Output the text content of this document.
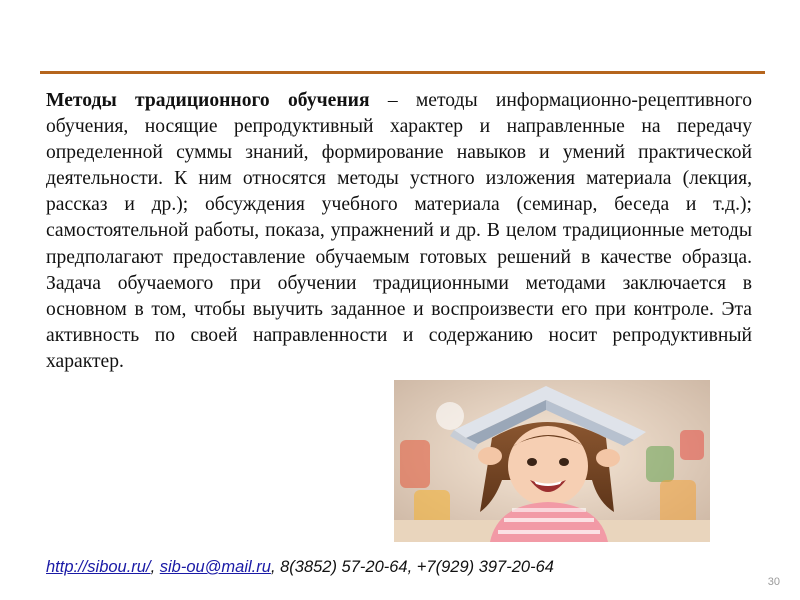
Методы традиционного обучения – методы информационно-рецептивного обучения, носящие репродуктивный характер и направленные на передачу определенной суммы знаний, формирование навыков и умений практической деятельности. К ним относятся методы устного изложения материала (лекция, рассказ и др.); обсуждения учебного материала (семинар, беседа и т.д.); самостоятельной работы, показа, упражнений и др. В целом традиционные методы предполагают предоставление обучаемым готовых решений в качестве образца. Задача обучаемого при обучении традиционными методами заключается в основном в том, чтобы выучить заданное и воспроизвести его при контроле. Эта активность по своей направленности и содержанию носит репродуктивный характер.

http://sibou.ru/, sib-ou@mail.ru, 8(3852) 57-20-64, +7(929) 397-20-64
30
